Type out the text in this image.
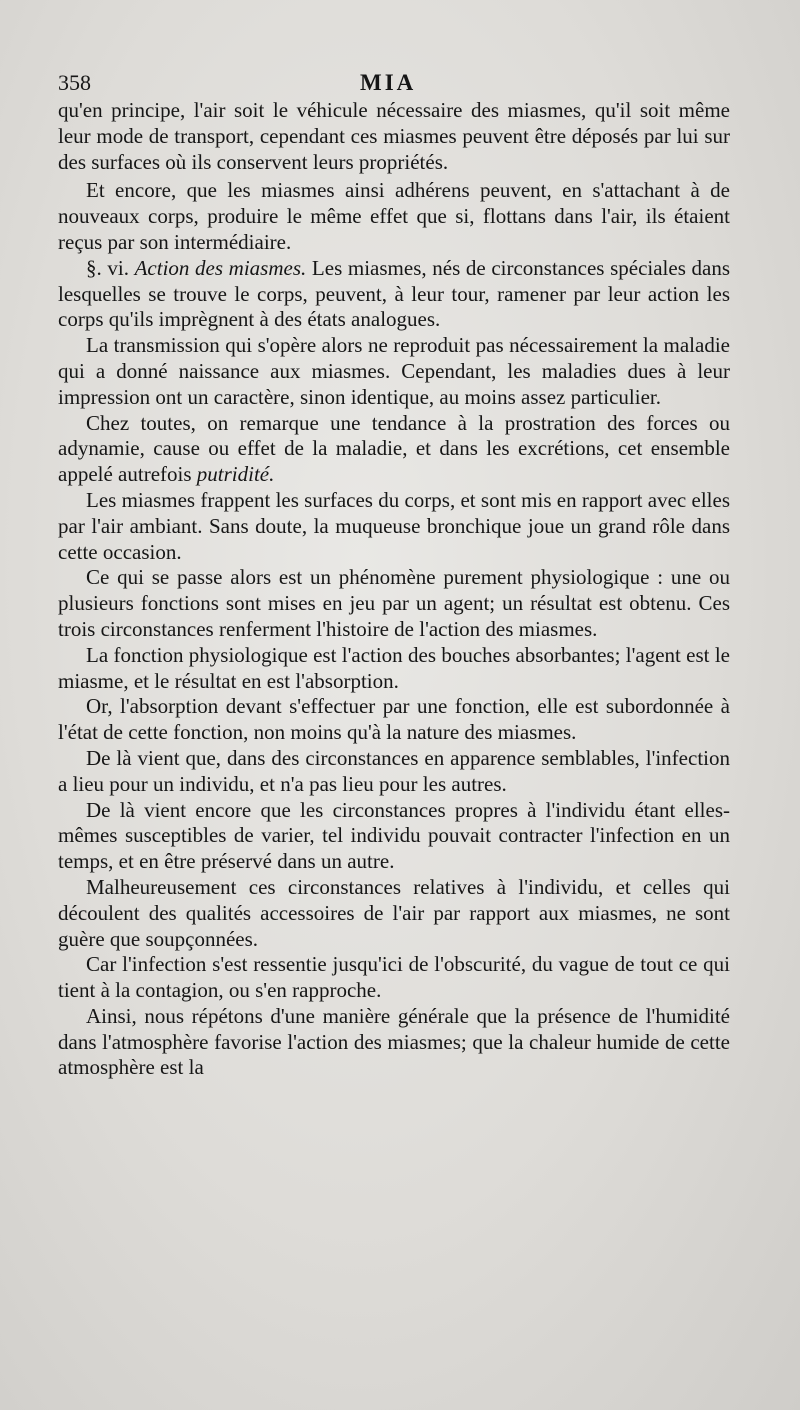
358	MIA

qu'en principe, l'air soit le véhicule nécessaire des miasmes, qu'il soit même leur mode de transport, cependant ces miasmes peuvent être déposés par lui sur des surfaces où ils conservent leurs propriétés.

Et encore, que les miasmes ainsi adhérens peuvent, en s'attachant à de nouveaux corps, produire le même effet que si, flottans dans l'air, ils étaient reçus par son intermédiaire.

§. vi. Action des miasmes. Les miasmes, nés de circonstances spéciales dans lesquelles se trouve le corps, peuvent, à leur tour, ramener par leur action les corps qu'ils imprègnent à des états analogues.

La transmission qui s'opère alors ne reproduit pas nécessairement la maladie qui a donné naissance aux miasmes. Cependant, les maladies dues à leur impression ont un caractère, sinon identique, au moins assez particulier.

Chez toutes, on remarque une tendance à la prostration des forces ou adynamie, cause ou effet de la maladie, et dans les excrétions, cet ensemble appelé autrefois putridité.

Les miasmes frappent les surfaces du corps, et sont mis en rapport avec elles par l'air ambiant. Sans doute, la muqueuse bronchique joue un grand rôle dans cette occasion.

Ce qui se passe alors est un phénomène purement physiologique : une ou plusieurs fonctions sont mises en jeu par un agent; un résultat est obtenu. Ces trois circonstances renferment l'histoire de l'action des miasmes.

La fonction physiologique est l'action des bouches absorbantes; l'agent est le miasme, et le résultat en est l'absorption.

Or, l'absorption devant s'effectuer par une fonction, elle est subordonnée à l'état de cette fonction, non moins qu'à la nature des miasmes.

De là vient que, dans des circonstances en apparence semblables, l'infection a lieu pour un individu, et n'a pas lieu pour les autres.

De là vient encore que les circonstances propres à l'individu étant elles-mêmes susceptibles de varier, tel individu pouvait contracter l'infection en un temps, et en être préservé dans un autre.

Malheureusement ces circonstances relatives à l'individu, et celles qui découlent des qualités accessoires de l'air par rapport aux miasmes, ne sont guère que soupçonnées.

Car l'infection s'est ressentie jusqu'ici de l'obscurité, du vague de tout ce qui tient à la contagion, ou s'en rapproche.

Ainsi, nous répétons d'une manière générale que la présence de l'humidité dans l'atmosphère favorise l'action des miasmes; que la chaleur humide de cette atmosphère est la
